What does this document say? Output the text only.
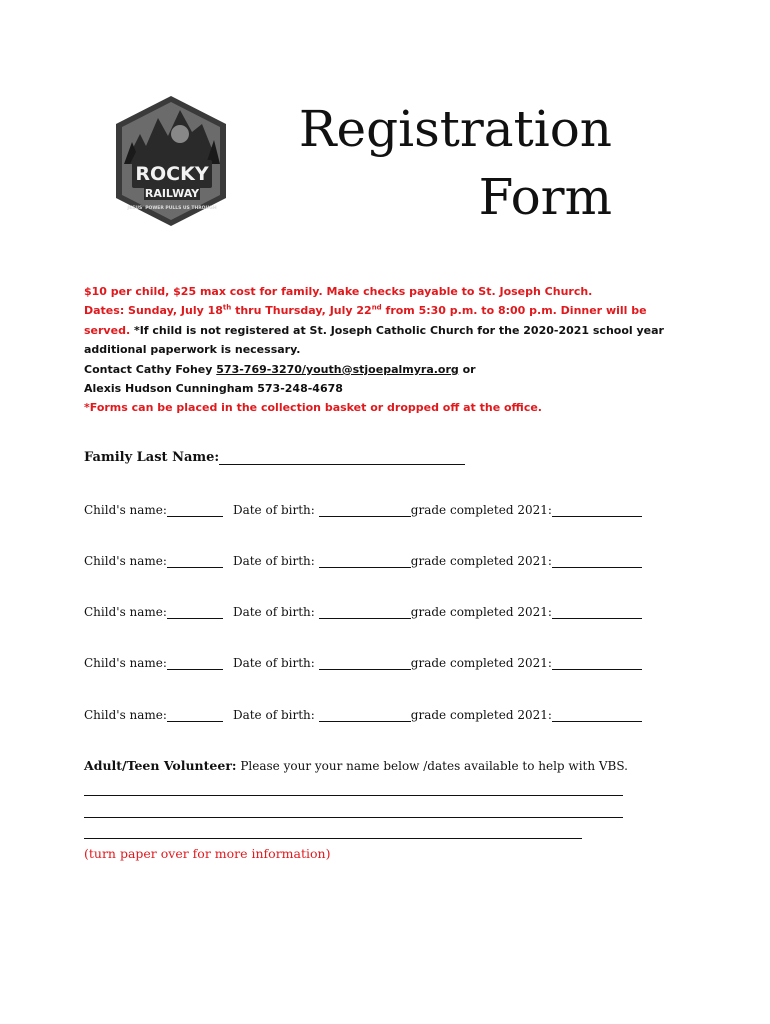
ROCKY
RAILWAY
JESUS' POWER PULLS US THROUGH
Registration
Form
$10 per child, $25 max cost for family. Make checks payable to St. Joseph Church.
Dates: Sunday, July 18th thru Thursday, July 22nd from 5:30 p.m. to 8:00 p.m. Dinner will be
served. *If child is not registered at St. Joseph Catholic Church for the 2020-2021 school year
additional paperwork is necessary.
Contact Cathy Fohey 573-769-3270/youth@stjoepalmyra.org or
Alexis Hudson Cunningham 573-248-4678
*Forms can be placed in the collection basket or dropped off at the office.
Family Last Name:
Child's name:	Date of birth:	grade completed 2021:
Child's name:	Date of birth:	grade completed 2021:
Child's name:	Date of birth:	grade completed 2021:
Child's name:	Date of birth:	grade completed 2021:
Child's name:	Date of birth:	grade completed 2021:
Adult/Teen Volunteer: Please your your name below /dates available to help with VBS.
(turn paper over for more information)
